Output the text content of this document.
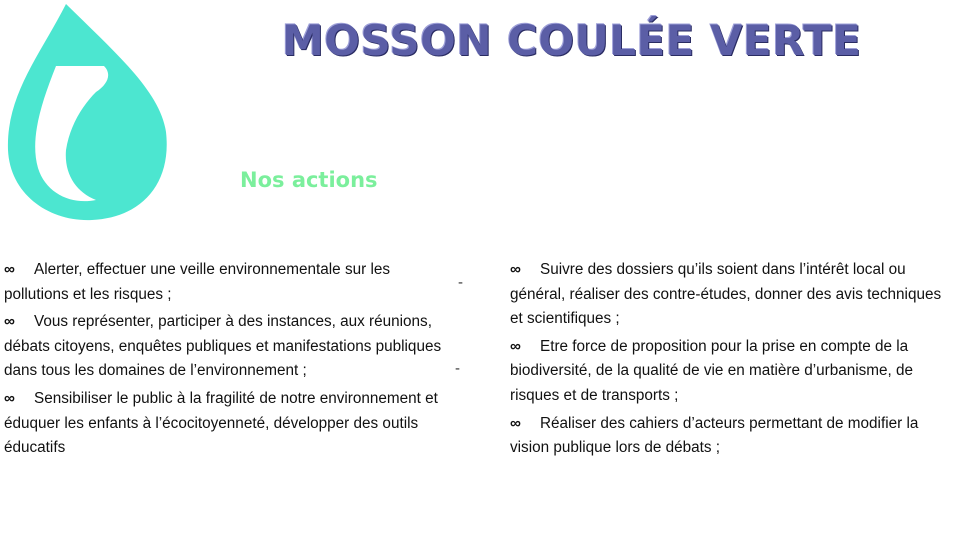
MOSSON COULÉE VERTE
Nos actions

∞ Alerter, effectuer une veille environnementale sur les pollutions et les risques ;

∞ Vous représenter, participer à des instances, aux réunions, débats citoyens, enquêtes publiques et manifestations publiques dans tous les domaines de l’environnement ;

∞ Sensibiliser le public à la fragilité de notre environnement et éduquer les enfants à l’écocitoyenneté, développer des outils éducatifs

-
-

∞ Suivre des dossiers qu’ils soient dans l’intérêt local ou général, réaliser des contre-études, donner des avis techniques et scientifiques ;

∞ Etre force de proposition pour la prise en compte de la biodiversité, de la qualité de vie en matière d’urbanisme, de risques et de transports ;

∞ Réaliser des cahiers d’acteurs permettant de modifier la vision publique lors de débats ;
